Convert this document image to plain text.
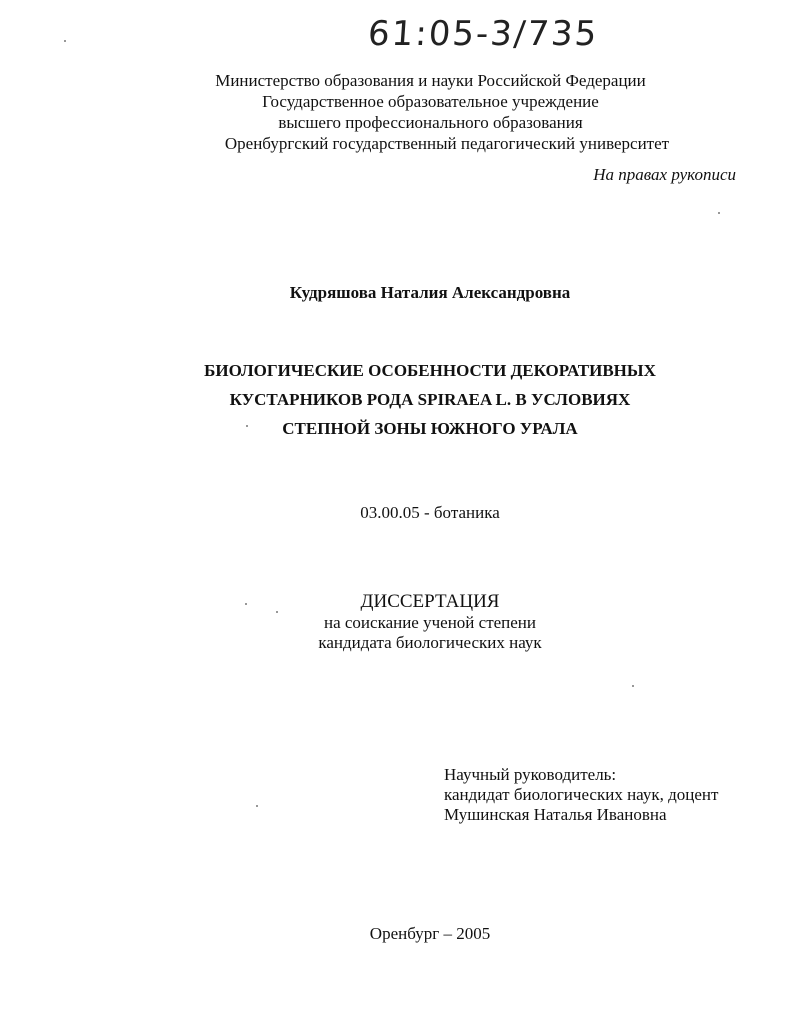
61:05-3/735
Министерство образования и науки Российской Федерации
Государственное образовательное учреждение
высшего профессионального образования
Оренбургский государственный педагогический университет
На правах рукописи
Кудряшова Наталия Александровна
БИОЛОГИЧЕСКИЕ ОСОБЕННОСТИ ДЕКОРАТИВНЫХ
КУСТАРНИКОВ РОДА SPIRAEA L. В УСЛОВИЯХ
СТЕПНОЙ ЗОНЫ ЮЖНОГО УРАЛА
03.00.05 - ботаника
ДИССЕРТАЦИЯ
на соискание ученой степени
кандидата биологических наук
Научный руководитель:
кандидат биологических наук, доцент
Мушинская Наталья Ивановна
Оренбург – 2005
